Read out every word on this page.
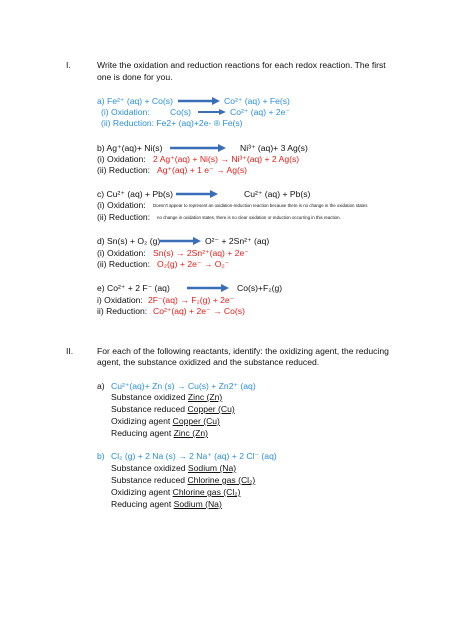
I.	Write the oxidation and reduction reactions for each redox reaction. The first
one is done for you.
a) Fe²⁺ (aq) + Co(s)	Co²⁺ (aq) + Fe(s)
(i) Oxidation: Co(s)	Co²⁺ (aq) + 2e⁻
(ii) Reduction: Fe2+ (aq)+2e- ® Fe(s)
b) Ag⁺(aq)+ Ni(s)	Ni³⁺ (aq)+ 3 Ag(s)
(i) Oxidation: 2 Ag⁺(aq) + Ni(s) → Ni³⁺(aq) + 2 Ag(s)
(ii) Reduction: Ag⁺(aq) + 1 e⁻ → Ag(s)
c) Cu²⁺ (aq) + Pb(s)	Cu²⁺ (aq) + Pb(s)
(i) Oxidation: Doesn't appear to represent an oxidation-reduction reaction because there is no change in the oxidation states
(ii) Reduction: no change in oxidation states, there is no clear oxidation or reduction occurring in this reaction.
d) Sn(s) + O₂ (g)	O²⁻ + 2Sn²⁺ (aq)
(i) Oxidation: Sn(s) → 2Sn²⁺(aq) + 2e⁻
(ii) Reduction: O₂(g) + 2e⁻ → O₂⁻
e) Co²⁺ + 2 F⁻ (aq)	Co(s)+F₂(g)
i) Oxidation: 2F⁻(aq) → F₂(g) + 2e⁻
ii) Reduction: Co²⁺(aq) + 2e⁻ → Co(s)
II.	For each of the following reactants, identify: the oxidizing agent, the reducing
agent, the substance oxidized and the substance reduced.
a) Cu²⁺(aq)+ Zn (s) → Cu(s) + Zn2⁺ (aq)
Substance oxidized Zinc (Zn)
Substance reduced Copper (Cu)
Oxidizing agent Copper (Cu)
Reducing agent Zinc (Zn)
b) Cl₂ (g) + 2 Na (s) → 2 Na⁺ (aq) + 2 Cl⁻ (aq)
Substance oxidized Sodium (Na)
Substance reduced Chlorine gas (Cl₂)
Oxidizing agent Chlorine gas (Cl₂)
Reducing agent Sodium (Na)
